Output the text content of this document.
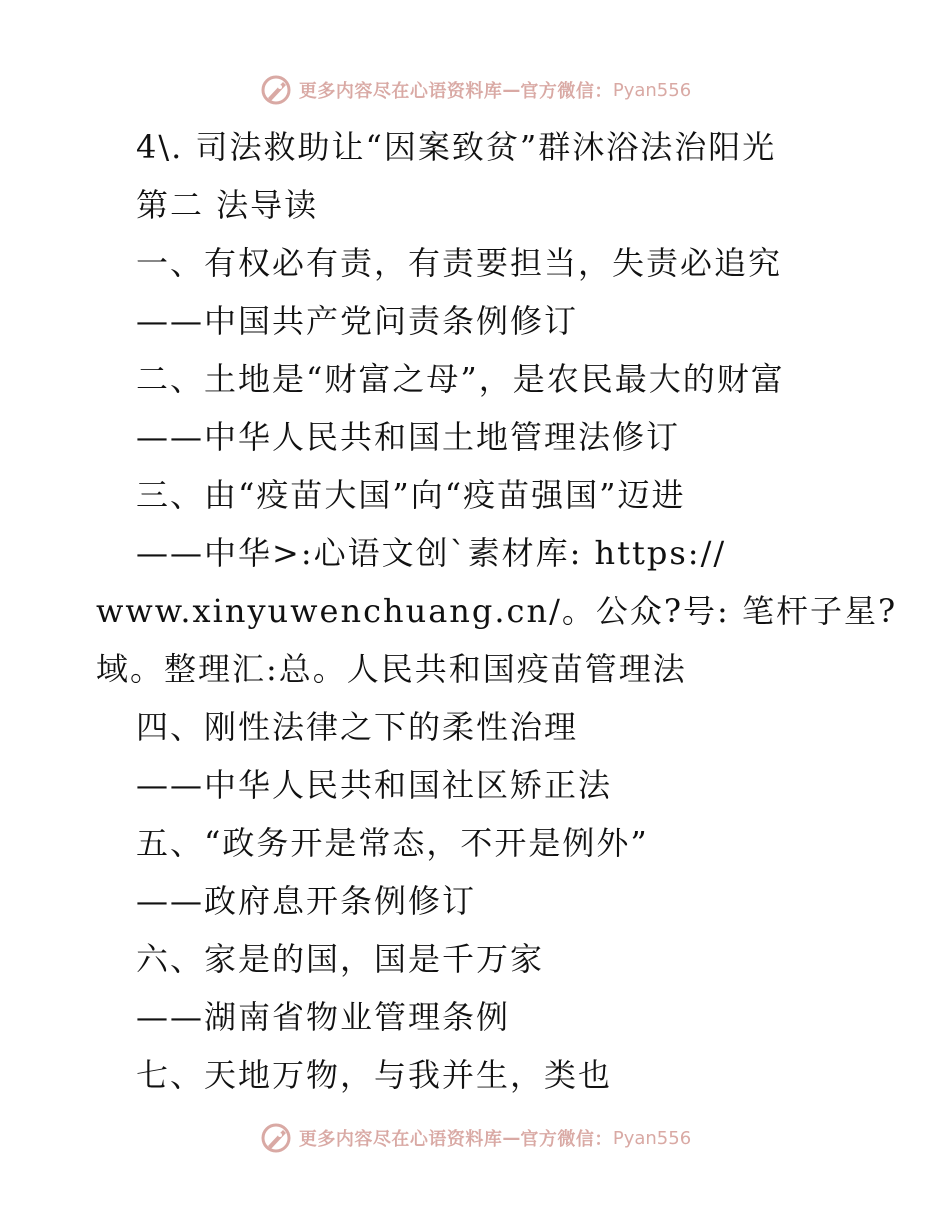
更多内容尽在心语资料库 — 官方微信： Pyan556
4\. 司法救助让“因案致贫”群沐浴法治阳光
第二 法导读
一、有权必有责，有责要担当，失责必追究
——中国共产党问责条例修订
二、土地是“财富之母”，是农民最大的财富
——中华人民共和国土地管理法修订
三、由“疫苗大国”向“疫苗强国”迈进
——中华>:心语文创`素材库: https://
www.xinyuwenchuang.cn/。公众?号: 笔杆子星?
域。整理汇:总。人民共和国疫苗管理法
四、刚性法律之下的柔性治理
——中华人民共和国社区矫正法
五、“政务开是常态，不开是例外”
——政府息开条例修订
六、家是的国，国是千万家
——湖南省物业管理条例
七、天地万物，与我并生，类也
更多内容尽在心语资料库 — 官方微信： Pyan556
